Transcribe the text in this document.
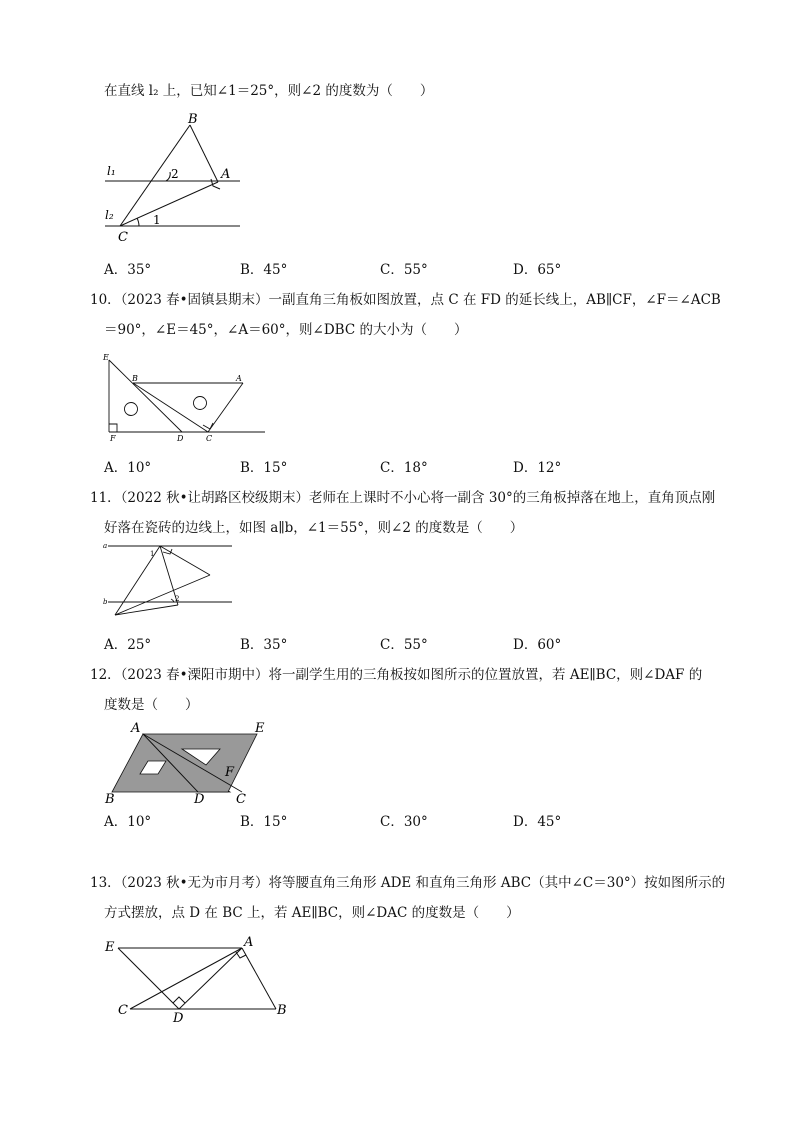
在直线 l₂ 上，已知∠1＝25°，则∠2 的度数为（　　）
B
A
C
l₁
l₂
2
1
A．35°	B．45°	C．55°	D．65°
10．（2023 春•固镇县期末）一副直角三角板如图放置，点 C 在 FD 的延长线上，AB∥CF，∠F＝∠ACB
＝90°，∠E＝45°，∠A＝60°，则∠DBC 的大小为（　　）
E
B	A
F	D	C
A．10°	B．15°	C．18°	D．12°
11．（2022 秋•让胡路区校级期末）老师在上课时不小心将一副含 30°的三角板掉落在地上，直角顶点刚
好落在瓷砖的边线上，如图 a∥b，∠1＝55°，则∠2 的度数是（　　）
a
b
1
2
A．25°	B．35°	C．55°	D．60°
12．（2023 春•溧阳市期中）将一副学生用的三角板按如图所示的位置放置，若 AE∥BC，则∠DAF 的
度数是（　　）
A	E
F
B	D C
A．10°	B．15°	C．30°	D．45°
13．（2023 秋•无为市月考）将等腰直角三角形 ADE 和直角三角形 ABC（其中∠C＝30°）按如图所示的
方式摆放，点 D 在 BC 上，若 AE∥BC，则∠DAC 的度数是（　　）
E	A
C
D
B
